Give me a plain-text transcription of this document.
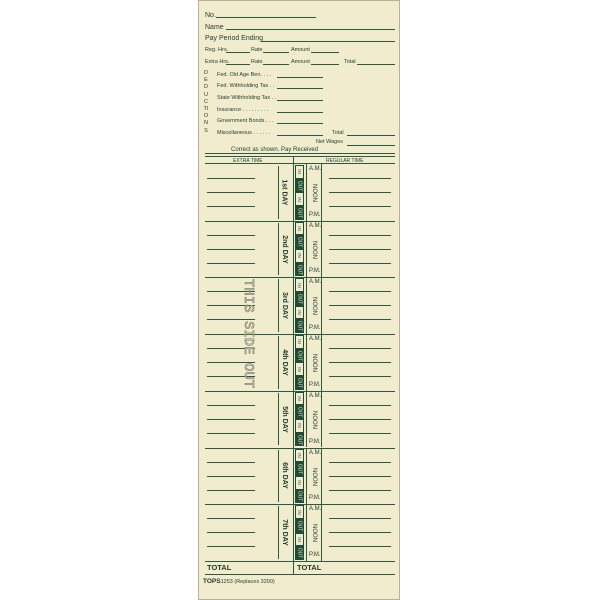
No.
Name
Pay Period Ending
Reg. Hrs.	Rate	Amount
Extra Hrs.	Rate	Amount	Total
DEDUCTIONS
Fed. Old Age Ben. . . .
Fed. Withholding Tax . .
State Withholding Tax . .
Insurance . . . . . . . . .
Government Bonds . . .
Miscellaneous . . . . . .	Total
Net Wages
Correct as shown. Pay Received
EXTRA TIME	REGULAR TIME
1st DAY
IN
OUT
IN
OUT
A.M.
NOON
P.M.
2nd DAY
IN
OUT
IN
OUT
A.M.
NOON
P.M.
3rd DAY
IN
OUT
IN
OUT
A.M.
NOON
P.M.
4th DAY
IN
OUT
IN
OUT
A.M.
NOON
P.M.
5th DAY
IN
OUT
IN
OUT
A.M.
NOON
P.M.
6th DAY
IN
OUT
IN
OUT
A.M.
NOON
P.M.
7th DAY
IN
OUT
IN
OUT
A.M.
NOON
P.M.
THIS SIDE OUT
TOTAL	TOTAL
TOPS1253 (Replaces 3200)
